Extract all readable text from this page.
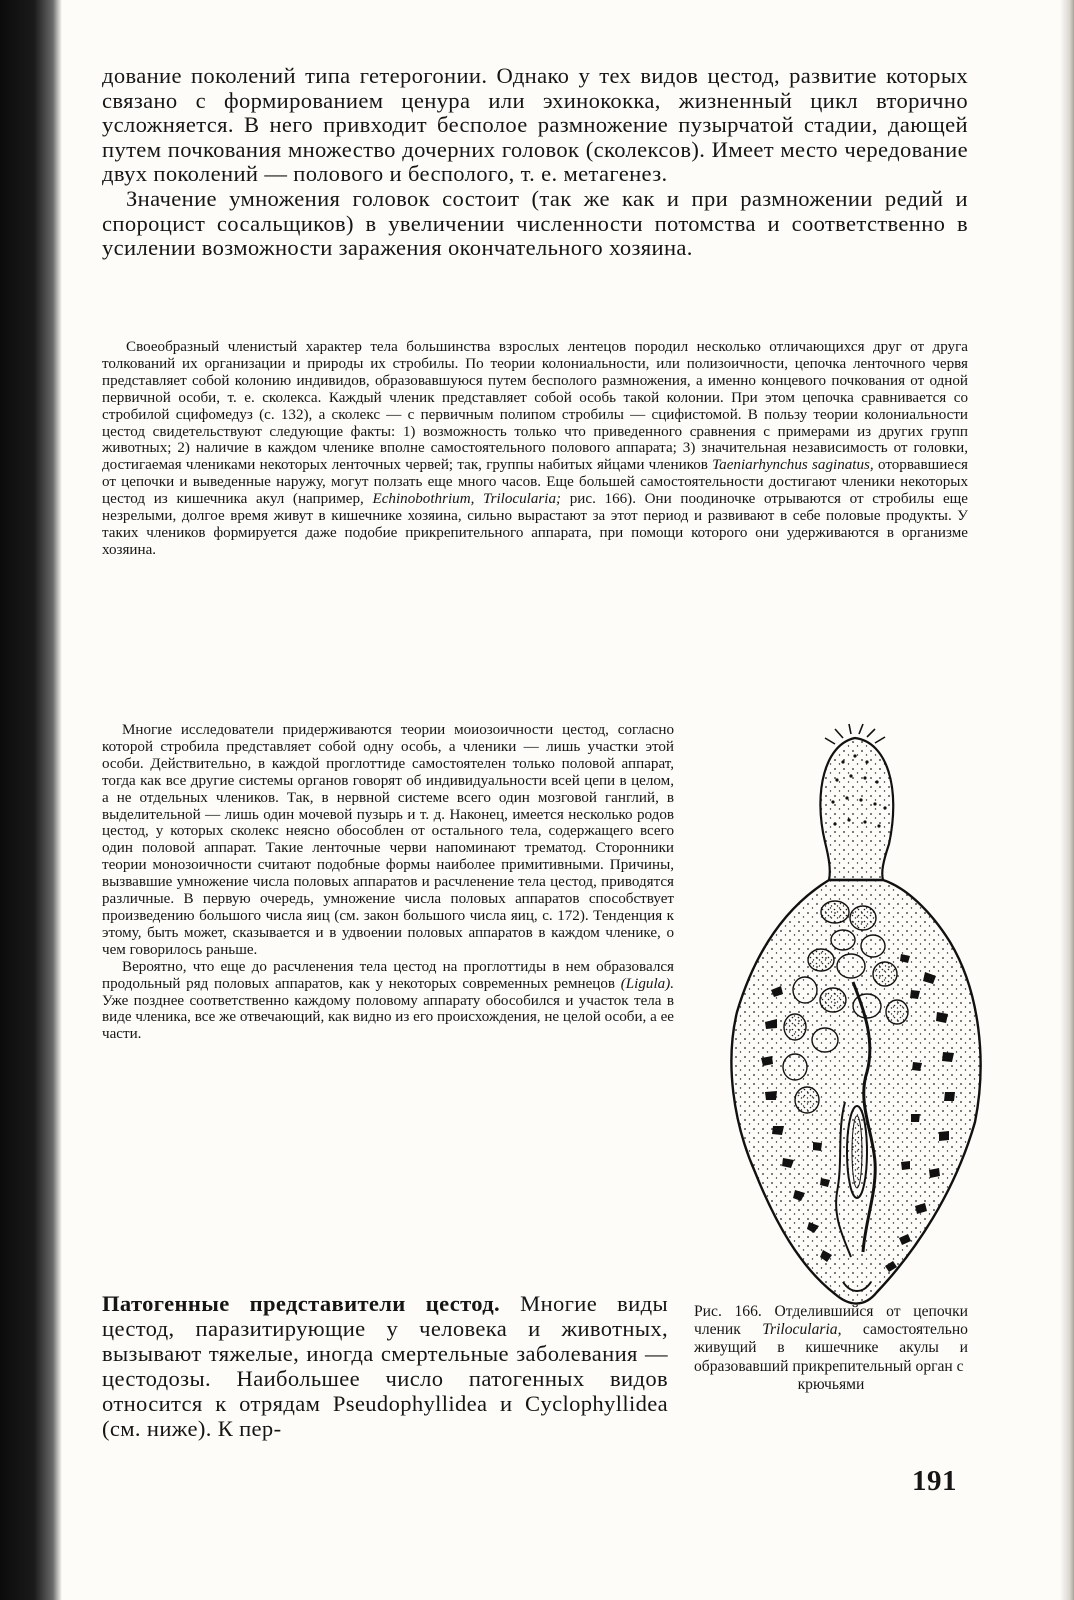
дование поколений типа гетерогонии. Однако у тех видов цестод, развитие которых связано с формированием ценура или эхинококка, жизненный цикл вторично усложняется. В него привходит бесполое размножение пузырчатой стадии, дающей путем почкования множество дочерних головок (сколексов). Имеет место чередование двух поколений — полового и бесполого, т. е. метагенез.

Значение умножения головок состоит (так же как и при размножении редий и спороцист сосальщиков) в увеличении численности потомства и соответственно в усилении возможности заражения окончательного хозяина.

Своеобразный членистый характер тела большинства взрослых лентецов породил несколько отличающихся друг от друга толкований их организации и природы их стробилы. По теории колониальности, или полизоичности, цепочка ленточного червя представляет собой колонию индивидов, образовавшуюся путем бесполого размножения, а именно концевого почкования от одной первичной особи, т. е. сколекса. Каждый членик представляет собой особь такой колонии. При этом цепочка сравнивается со стробилой сцифомедуз (с. 132), а сколекс — с первичным полипом стробилы — сцифистомой. В пользу теории колониальности цестод свидетельствуют следующие факты: 1) возможность только что приведенного сравнения с примерами из других групп животных; 2) наличие в каждом членике вполне самостоятельного полового аппарата; 3) значительная независимость от головки, достигаемая члениками некоторых ленточных червей; так, группы набитых яйцами члеников Taeniarhynchus saginatus, оторвавшиеся от цепочки и выведенные наружу, могут ползать еще много часов. Еще большей самостоятельности достигают членики некоторых цестод из кишечника акул (например, Echinobothrium, Trilocularia; рис. 166). Они поодиночке отрываются от стробилы еще незрелыми, долгое время живут в кишечнике хозяина, сильно вырастают за этот период и развивают в себе половые продукты. У таких члеников формируется даже подобие прикрепительного аппарата, при помощи которого они удерживаются в организме хозяина.

Многие исследователи придерживаются теории моиозоичности цестод, согласно которой стробила представляет собой одну особь, а членики — лишь участки этой особи. Действительно, в каждой проглоттиде самостоятелен только половой аппарат, тогда как все другие системы органов говорят об индивидуальности всей цепи в целом, а не отдельных члеников. Так, в нервной системе всего один мозговой ганглий, в выделительной — лишь один мочевой пузырь и т. д. Наконец, имеется несколько родов цестод, у которых сколекс неясно обособлен от остального тела, содержащего всего один половой аппарат. Такие ленточные черви напоминают трематод. Сторонники теории монозоичности считают подобные формы наиболее примитивными. Причины, вызвавшие умножение числа половых аппаратов и расчленение тела цестод, приводятся различные. В первую очередь, умножение числа половых аппаратов способствует произведению большого числа яиц (см. закон большого числа яиц, с. 172). Тенденция к этому, быть может, сказывается и в удвоении половых аппаратов в каждом членике, о чем говорилось раньше.

Вероятно, что еще до расчленения тела цестод на проглоттиды в нем образовался продольный ряд половых аппаратов, как у некоторых современных ремнецов (Ligula). Уже позднее соответственно каждому половому аппарату обособился и участок тела в виде членика, все же отвечающий, как видно из его происхождения, не целой особи, а ее части.

Рис. 166. Отделившийся от цепочки членик Trilocularia, самостоятельно живущий в кишечнике акулы и образовавший прикрепительный орган с
крючьями
Патогенные представители цестод. Многие виды цестод, паразитирующие у человека и животных, вызывают тяжелые, иногда смертельные заболевания — цестодозы. Наибольшее число патогенных видов относится к отрядам Pseudophyllidea и Cyclophyllidea (см. ниже). К пер-
191
